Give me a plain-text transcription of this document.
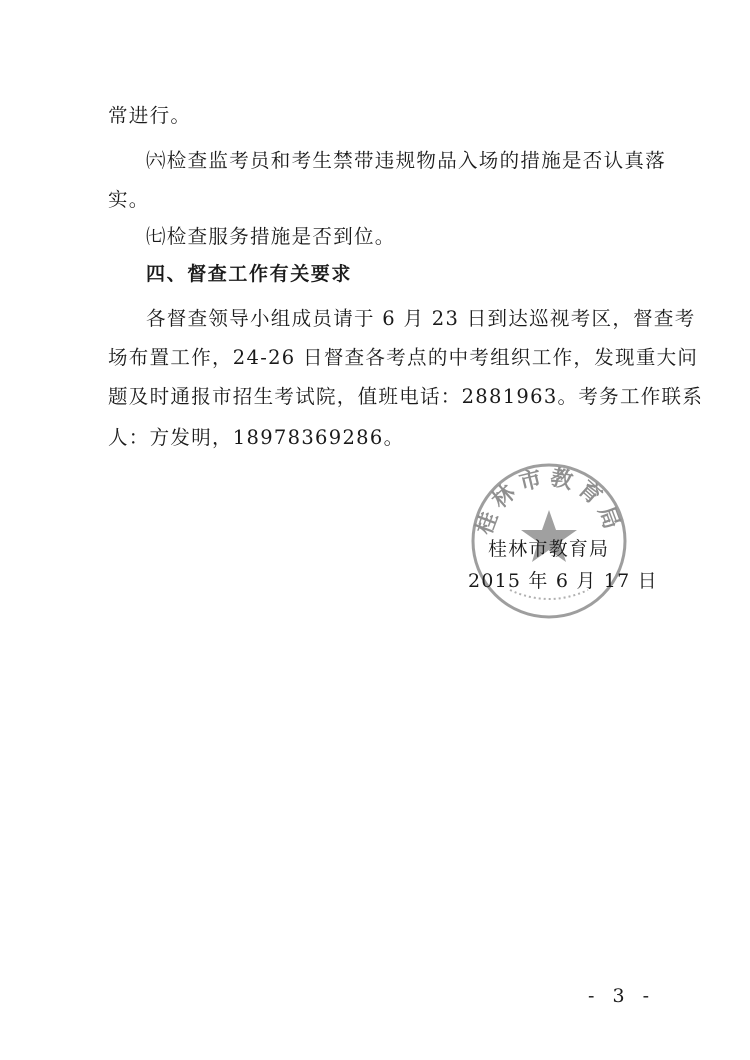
常进行。
㈥检查监考员和考生禁带违规物品入场的措施是否认真落
实。
㈦检查服务措施是否到位。
四、督查工作有关要求
各督查领导小组成员请于 6 月 23 日到达巡视考区，督查考
场布置工作，24-26 日督查各考点的中考组织工作，发现重大问
题及时通报市招生考试院，值班电话：2881963。考务工作联系
人：方发明，18978369286。
桂林市教育局
桂林市教育局
2015 年 6 月 17 日
- 3 -
